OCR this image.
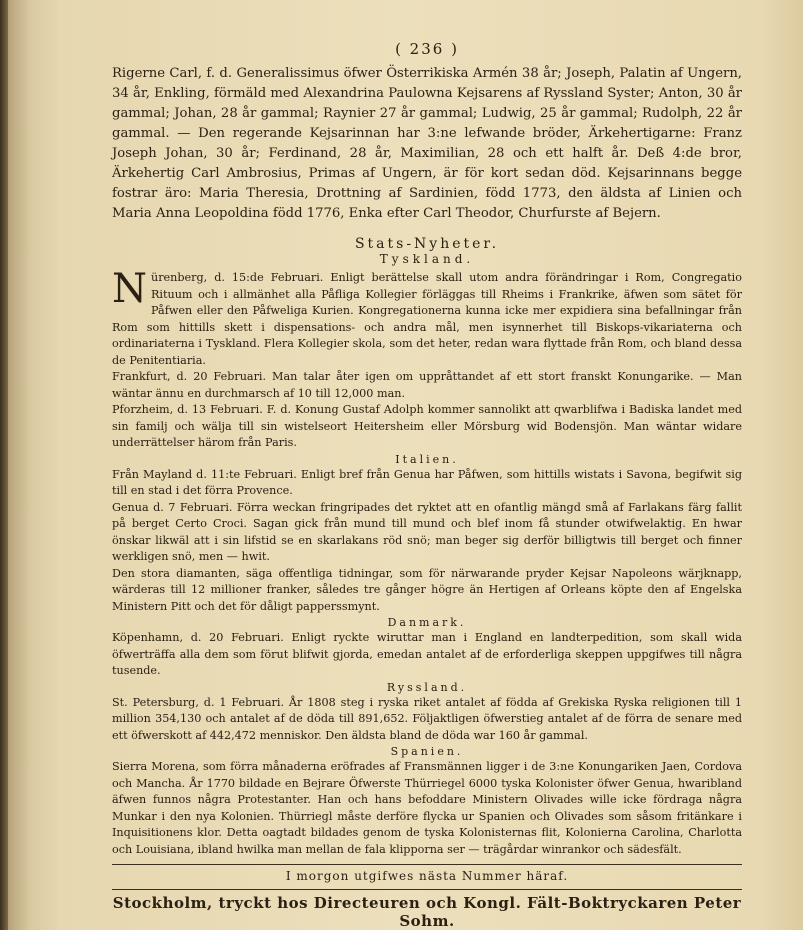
( 236 )

Rigerne Carl, f. d. Generalissimus öfwer Österrikiska Armén 38 år; Joseph, Palatin af Ungern, 34 år, Enkling, förmäld med Alexandrina Paulowna Kejsarens af Ryssland Syster; Anton, 30 år gammal; Johan, 28 år gammal; Raynier 27 år gammal; Ludwig, 25 år gammal; Rudolph, 22 år gammal. — Den regerande Kejsarinnan har 3:ne lefwande bröder, Ärkehertigarne: Franz Joseph Johan, 30 år; Ferdinand, 28 år, Maximilian, 28 och ett halft år. Deß 4:de bror, Ärkehertig Carl Ambrosius, Primas af Ungern, är för kort sedan död. Kejsarinnans begge fostrar äro: Maria Theresia, Drottning af Sardinien, född 1773, den äldsta af Linien och Maria Anna Leopoldina född 1776, Enka efter Carl Theodor, Churfurste af Bejern.

Stats-Nyheter.
Tyskland.

Nürenberg, d. 15:de Februari. Enligt berättelse skall utom andra förändringar i Rom, Congregatio Rituum och i allmänhet alla Påfliga Kollegier förläggas till Rheims i Frankrike, äfwen som sätet för Påfwen eller den Påfweliga Kurien. Kongregationerna kunna icke mer expidiera sina befallningar från Rom som hittills skett i dispensations- och andra mål, men isynnerhet till Biskops-vikariaterna och ordinariaterna i Tyskland. Flera Kollegier skola, som det heter, redan wara flyttade från Rom, och bland dessa de Penitentiaria.

Frankfurt, d. 20 Februari. Man talar åter igen om uppråttandet af ett stort franskt Konungarike. — Man wäntar ännu en durchmarsch af 10 till 12,000 man.

Pforzheim, d. 13 Februari. F. d. Konung Gustaf Adolph kommer sannolikt att qwarblifwa i Badiska landet med sin familj och wälja till sin wistelseort Heitersheim eller Mörsburg wid Bodensjön. Man wäntar widare underrättelser härom från Paris.

Italien.

Från Mayland d. 11:te Februari. Enligt bref från Genua har Påfwen, som hittills wistats i Savona, begifwit sig till en stad i det förra Provence.

Genua d. 7 Februari. Förra weckan fringripades det ryktet att en ofantlig mängd små af Farlakans färg fallit på berget Certo Croci. Sagan gick från mund till mund och blef inom få stunder otwifwelaktig. En hwar önskar likwäl att i sin lifstid se en skarlakans röd snö; man beger sig derför billigtwis till berget och finner werkligen snö, men — hwit.

Den stora diamanten, säga offentliga tidningar, som för närwarande pryder Kejsar Napoleons wärjknapp, wärderas till 12 millioner franker, således tre gånger högre än Hertigen af Orleans köpte den af Engelska Ministern Pitt och det för dåligt papperssmynt.

Danmark.

Köpenhamn, d. 20 Februari. Enligt ryckte wiruttar man i England en landterpedition, som skall wida öfwerträffa alla dem som förut blifwit gjorda, emedan antalet af de erforderliga skeppen uppgifwes till några tusende.

Ryssland.

St. Petersburg, d. 1 Februari. År 1808 steg i ryska riket antalet af födda af Grekiska Ryska religionen till 1 million 354,130 och antalet af de döda till 891,652. Följaktligen öfwerstieg antalet af de förra de senare med ett öfwerskott af 442,472 menniskor. Den äldsta bland de döda war 160 år gammal.

Spanien.

Sierra Morena, som förra månaderna eröfrades af Fransmännen ligger i de 3:ne Konungariken Jaen, Cordova och Mancha. År 1770 bildade en Bejrare Öfwerste Thürriegel 6000 tyska Kolonister öfwer Genua, hwaribland äfwen funnos några Protestanter. Han och hans befoddare Ministern Olivades wille icke fördraga några Munkar i den nya Kolonien. Thürriegl måste derföre flycka ur Spanien och Olivades som såsom fritänkare i Inquisitionens klor. Detta oagtadt bildades genom de tyska Kolonisternas flit, Kolonierna Carolina, Charlotta och Louisiana, ibland hwilka man mellan de fala klipporna ser — trägårdar winrankor och sädesfält.

I morgon utgifwes nästa Nummer häraf.
Stockholm, tryckt hos Directeuren och Kongl. Fält-Boktryckaren Peter Sohm.
